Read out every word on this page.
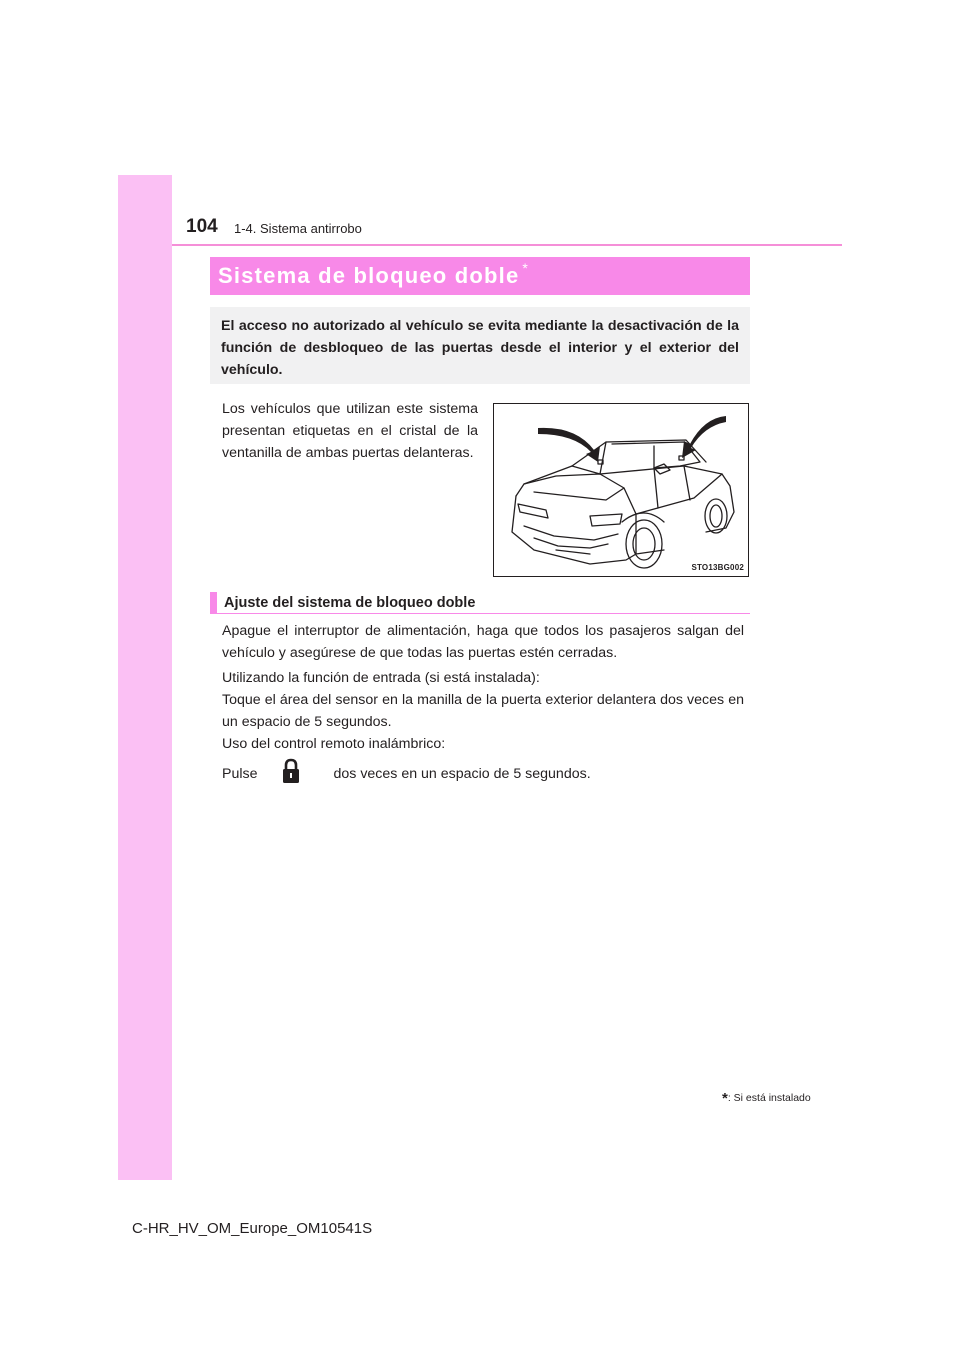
104 1-4. Sistema antirrobo
Sistema de bloqueo doble *
El acceso no autorizado al vehículo se evita mediante la desactivación de la función de desbloqueo de las puertas desde el interior y el exterior del vehículo.
Los vehículos que utilizan este sistema presentan etiquetas en el cristal de la ventanilla de ambas puertas delanteras.
STO13BG002
Ajuste del sistema de bloqueo doble
Apague el interruptor de alimentación, haga que todos los pasajeros salgan del vehículo y asegúrese de que todas las puertas estén cerradas.
Utilizando la función de entrada (si está instalada):
Toque el área del sensor en la manilla de la puerta exterior delantera dos veces en un espacio de 5 segundos.
Uso del control remoto inalámbrico:
Pulse	dos veces en un espacio de 5 segundos.
*: Si está instalado
C-HR_HV_OM_Europe_OM10541S
